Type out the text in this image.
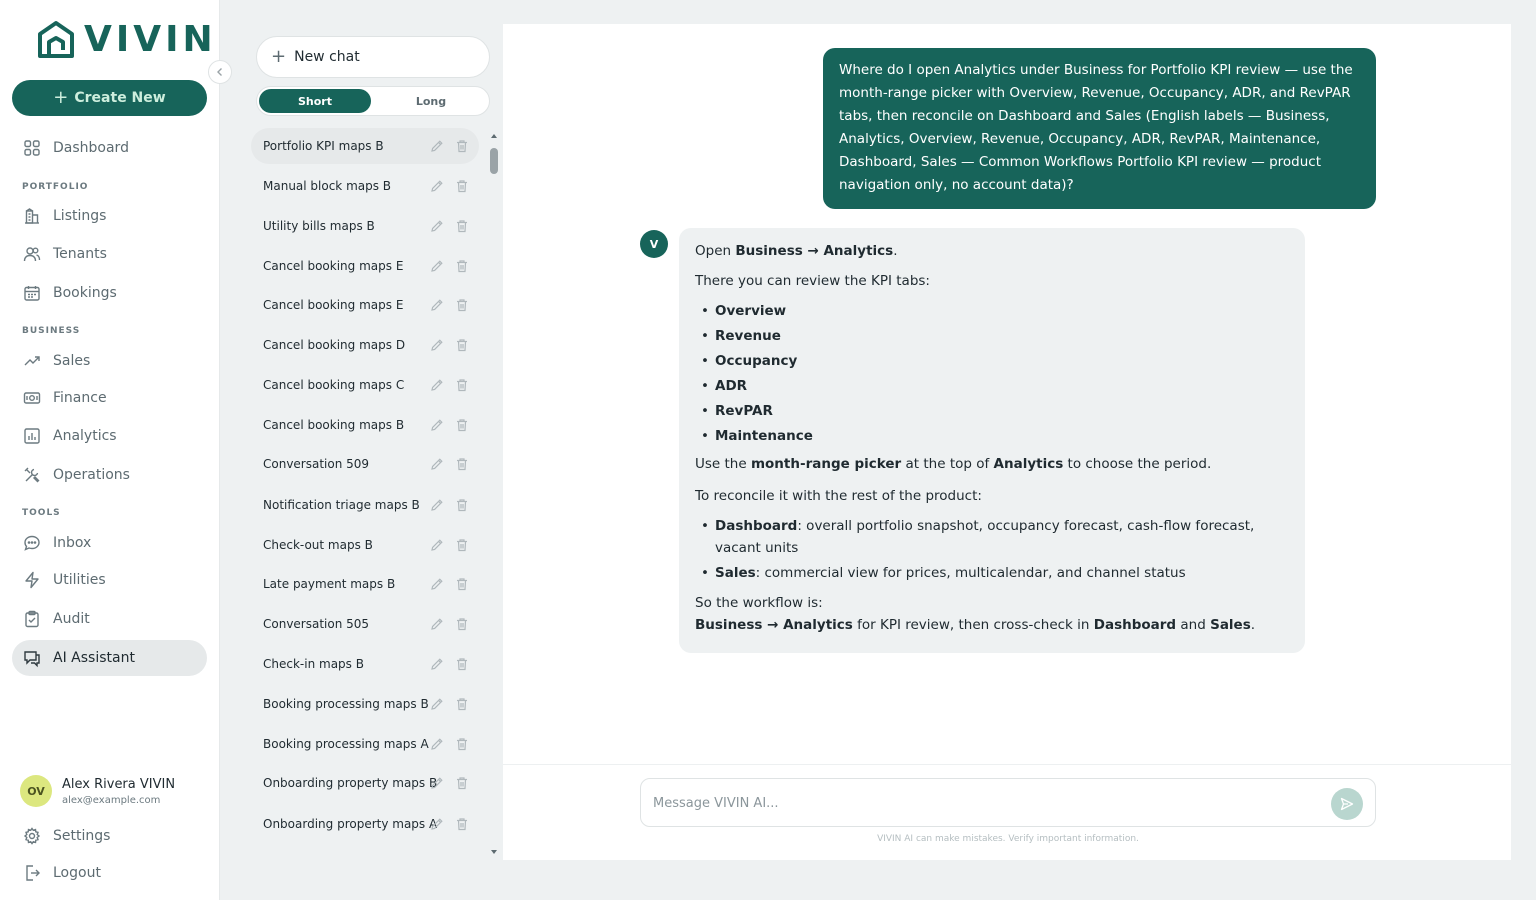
VIVIN
+ Create New
Dashboard
PORTFOLIO
Listings
Tenants
Bookings
BUSINESS
Sales
Finance
Analytics
Operations
TOOLS
Inbox
Utilities
Audit
AI Assistant
OV	Alex Rivera VIVIN
alex@example.com
Settings
Logout
+ New chat
Short	Long
Portfolio KPI maps B
Manual block maps B
Utility bills maps B
Cancel booking maps E
Cancel booking maps E
Cancel booking maps D
Cancel booking maps C
Cancel booking maps B
Conversation 509
Notification triage maps B
Check-out maps B
Late payment maps B
Conversation 505
Check-in maps B
Booking processing maps B
Booking processing maps A
Onboarding property maps B
Onboarding property maps A
Where do I open Analytics under Business for Portfolio KPI review — use the month-range picker with Overview, Revenue, Occupancy, ADR, and RevPAR tabs, then reconcile on Dashboard and Sales (English labels — Business, Analytics, Overview, Revenue, Occupancy, ADR, RevPAR, Maintenance, Dashboard, Sales — Common Workflows Portfolio KPI review — product navigation only, no account data)?
V	Open Business → Analytics.

There you can review the KPI tabs:

• Overview
• Revenue
• Occupancy
• ADR
• RevPAR
• Maintenance

Use the month-range picker at the top of Analytics to choose the period.

To reconcile it with the rest of the product:

• Dashboard: overall portfolio snapshot, occupancy forecast, cash-flow forecast, vacant units
• Sales: commercial view for prices, multicalendar, and channel status

So the workflow is:

Business → Analytics for KPI review, then cross-check in Dashboard and Sales.

Message VIVIN AI...
VIVIN AI can make mistakes. Verify important information.
